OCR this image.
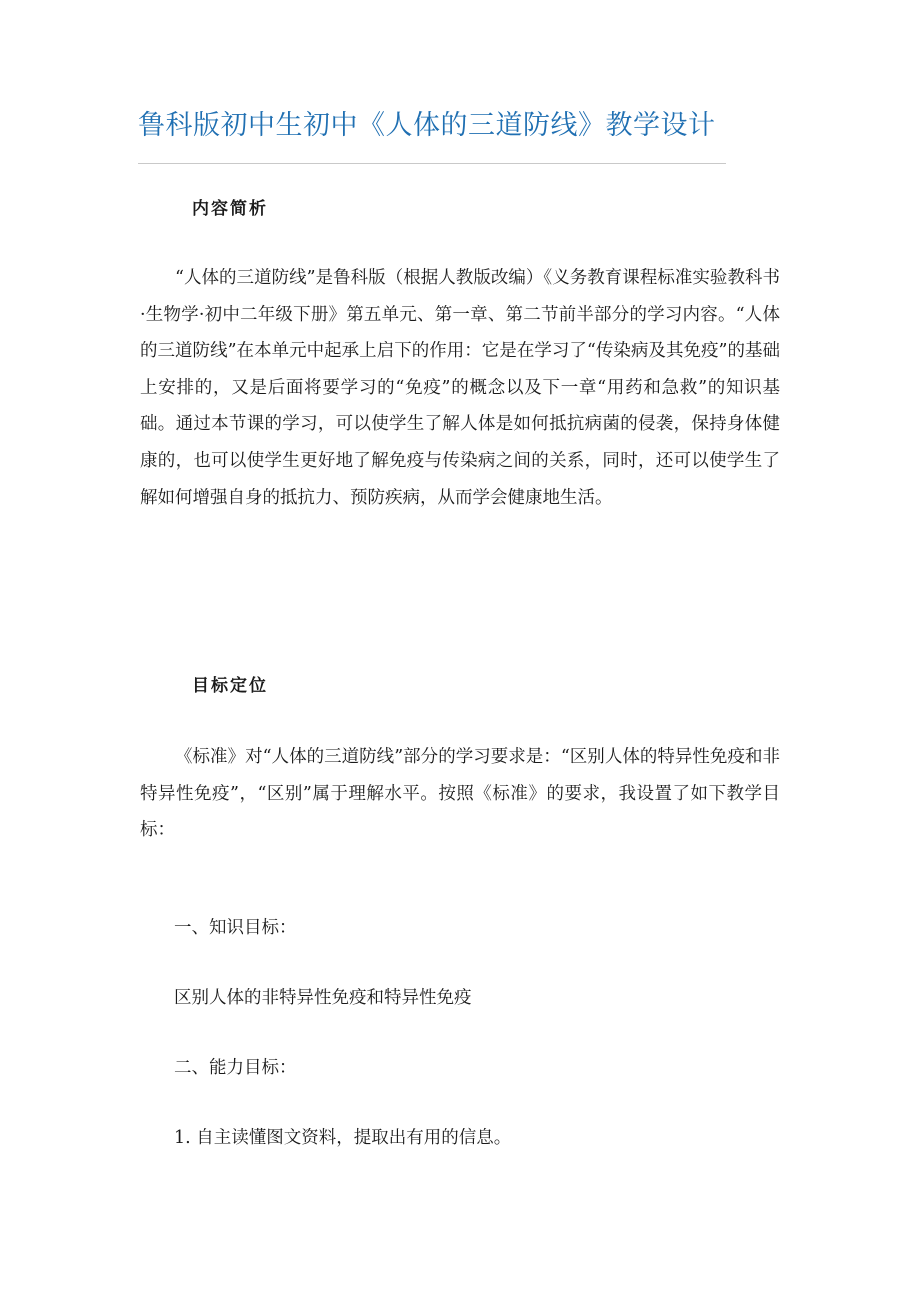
鲁科版初中生初中《人体的三道防线》教学设计
内容简析
“人体的三道防线”是鲁科版（根据人教版改编）《义务教育课程标准实验教科书·生物学·初中二年级下册》第五单元、第一章、第二节前半部分的学习内容。“人体的三道防线”在本单元中起承上启下的作用：它是在学习了“传染病及其免疫”的基础上安排的，又是后面将要学习的“免疫”的概念以及下一章“用药和急救”的知识基础。通过本节课的学习，可以使学生了解人体是如何抵抗病菌的侵袭，保持身体健康的，也可以使学生更好地了解免疫与传染病之间的关系，同时，还可以使学生了解如何增强自身的抵抗力、预防疾病，从而学会健康地生活。
目标定位
《标准》对“人体的三道防线”部分的学习要求是：“区别人体的特异性免疫和非特异性免疫”，“区别”属于理解水平。按照《标准》的要求，我设置了如下教学目标：
一、知识目标：
区别人体的非特异性免疫和特异性免疫
二、能力目标：
1. 自主读懂图文资料，提取出有用的信息。
